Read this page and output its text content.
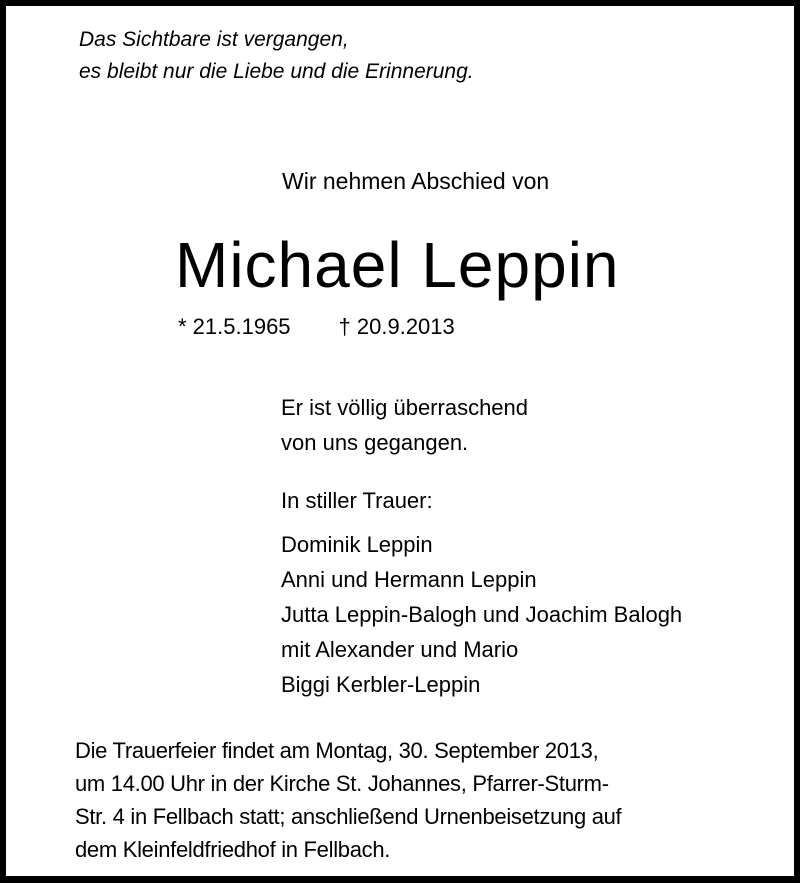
Das Sichtbare ist vergangen,
es bleibt nur die Liebe und die Erinnerung.
Wir nehmen Abschied von
Michael Leppin
* 21.5.1965 † 20.9.2013
Er ist völlig überraschend
von uns gegangen.
In stiller Trauer:
Dominik Leppin
Anni und Hermann Leppin
Jutta Leppin-Balogh und Joachim Balogh
mit Alexander und Mario
Biggi Kerbler-Leppin
Die Trauerfeier findet am Montag, 30. September 2013,
um 14.00 Uhr in der Kirche St. Johannes, Pfarrer-Sturm-
Str. 4 in Fellbach statt; anschließend Urnenbeisetzung auf
dem Kleinfeldfriedhof in Fellbach.
